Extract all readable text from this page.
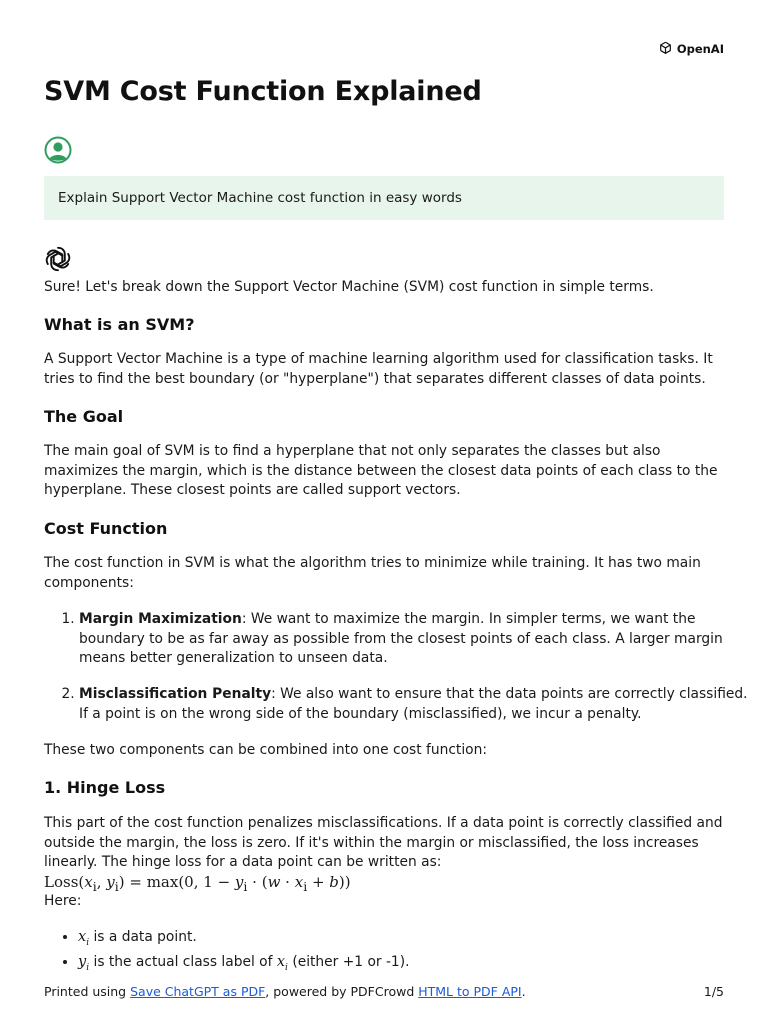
OpenAI
SVM Cost Function Explained
Explain Support Vector Machine cost function in easy words

Sure! Let's break down the Support Vector Machine (SVM) cost function in simple terms.

What is an SVM?

A Support Vector Machine is a type of machine learning algorithm used for classification tasks. It tries to find the best boundary (or "hyperplane") that separates different classes of data points.

The Goal

The main goal of SVM is to find a hyperplane that not only separates the classes but also maximizes the margin, which is the distance between the closest data points of each class to the hyperplane. These closest points are called support vectors.

Cost Function

The cost function in SVM is what the algorithm tries to minimize while training. It has two main components:

1. Margin Maximization: We want to maximize the margin. In simpler terms, we want the boundary to be as far away as possible from the closest points of each class. A larger margin means better generalization to unseen data.
2. Misclassification Penalty: We also want to ensure that the data points are correctly classified. If a point is on the wrong side of the boundary (misclassified), we incur a penalty.

These two components can be combined into one cost function:

1. Hinge Loss

This part of the cost function penalizes misclassifications. If a data point is correctly classified and outside the margin, the loss is zero. If it's within the margin or misclassified, the loss increases linearly. The hinge loss for a data point can be written as:

$Loss(x_i$, $y_i) = \max(0$, $1 - y_i \cdot (w \cdot x_i + b)$)

Here:

• $x_i$ is a data point.
• $y_i$ is the actual class label of $x_i$ (either +1 or -1).
Printed using Save ChatGPT as PDF, powered by PDFCrowd HTML to PDF API.	1/5
